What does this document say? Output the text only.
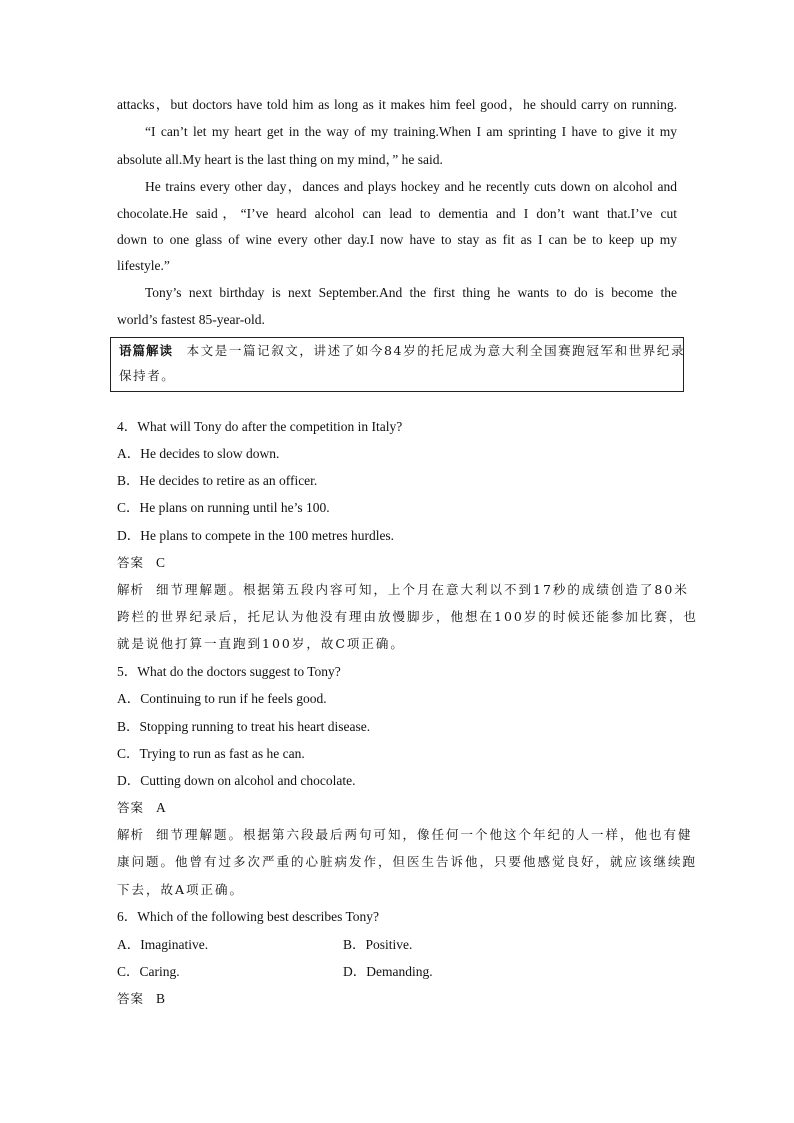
attacks，but doctors have told him as long as it makes him feel good，he should carry on running.
“I can’t let my heart get in the way of my training.When I am sprinting I have to give it my
absolute all.My heart is the last thing on my mind，” he said.
He trains every other day，dances and plays hockey and he recently cuts down on alcohol and
chocolate.He said，“I’ve heard alcohol can lead to dementia and I don’t want that.I’ve cut
down to one glass of wine every other day.I now have to stay as fit as I can be to keep up my
lifestyle.”
Tony’s next birthday is next September.And the first thing he wants to do is become the
world’s fastest 85-year-old.
语篇解读 本文是一篇记叙文，讲述了如今84岁的托尼成为意大利全国赛跑冠军和世界纪录
保持者。
4．What will Tony do after the competition in Italy?
A．He decides to slow down.
B．He decides to retire as an officer.
C．He plans on running until he’s 100.
D．He plans to compete in the 100 metres hurdles.
答案 C
解析 细节理解题。根据第五段内容可知，上个月在意大利以不到17秒的成绩创造了80米
跨栏的世界纪录后，托尼认为他没有理由放慢脚步，他想在100岁的时候还能参加比赛，也
就是说他打算一直跑到100岁，故C项正确。
5．What do the doctors suggest to Tony?
A．Continuing to run if he feels good.
B．Stopping running to treat his heart disease.
C．Trying to run as fast as he can.
D．Cutting down on alcohol and chocolate.
答案 A
解析 细节理解题。根据第六段最后两句可知，像任何一个他这个年纪的人一样，他也有健
康问题。他曾有过多次严重的心脏病发作，但医生告诉他，只要他感觉良好，就应该继续跑
下去，故A项正确。
6．Which of the following best describes Tony?
A．Imaginative.	B．Positive.
C．Caring.	D．Demanding.
答案 B
